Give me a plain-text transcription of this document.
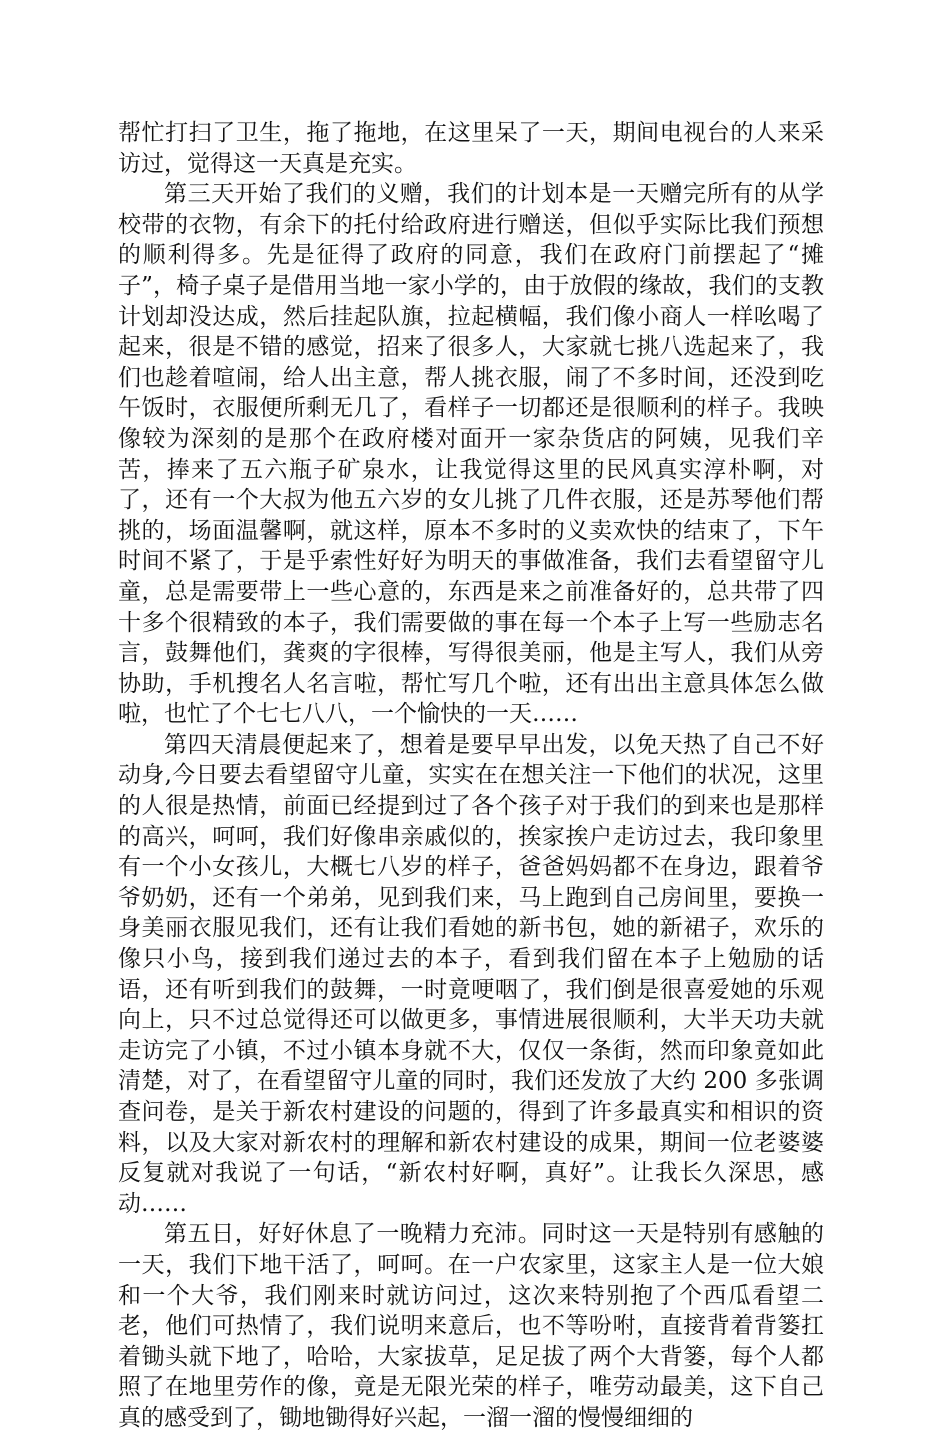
帮忙打扫了卫生，拖了拖地，在这里呆了一天，期间电视台的人来采访过，觉得这一天真是充实。

第三天开始了我们的义赠，我们的计划本是一天赠完所有的从学校带的衣物，有余下的托付给政府进行赠送，但似乎实际比我们预想的顺利得多。先是征得了政府的同意，我们在政府门前摆起了“摊子”，椅子桌子是借用当地一家小学的，由于放假的缘故，我们的支教计划却没达成，然后挂起队旗，拉起横幅，我们像小商人一样吆喝了起来，很是不错的感觉，招来了很多人，大家就七挑八选起来了，我们也趁着喧闹，给人出主意，帮人挑衣服，闹了不多时间，还没到吃午饭时，衣服便所剩无几了，看样子一切都还是很顺利的样子。我映像较为深刻的是那个在政府楼对面开一家杂货店的阿姨，见我们辛苦，捧来了五六瓶子矿泉水，让我觉得这里的民风真实淳朴啊，对了，还有一个大叔为他五六岁的女儿挑了几件衣服，还是苏琴他们帮挑的，场面温馨啊，就这样，原本不多时的义卖欢快的结束了，下午时间不紧了，于是乎索性好好为明天的事做准备，我们去看望留守儿童，总是需要带上一些心意的，东西是来之前准备好的，总共带了四十多个很精致的本子，我们需要做的事在每一个本子上写一些励志名言，鼓舞他们，龚爽的字很棒，写得很美丽，他是主写人，我们从旁协助，手机搜名人名言啦，帮忙写几个啦，还有出出主意具体怎么做啦，也忙了个七七八八，一个愉快的一天……

第四天清晨便起来了，想着是要早早出发，以免天热了自己不好动身,今日要去看望留守儿童，实实在在想关注一下他们的状况，这里的人很是热情，前面已经提到过了各个孩子对于我们的到来也是那样的高兴，呵呵，我们好像串亲戚似的，挨家挨户走访过去，我印象里有一个小女孩儿，大概七八岁的样子，爸爸妈妈都不在身边，跟着爷爷奶奶，还有一个弟弟，见到我们来，马上跑到自己房间里，要换一身美丽衣服见我们，还有让我们看她的新书包，她的新裙子，欢乐的像只小鸟，接到我们递过去的本子，看到我们留在本子上勉励的话语，还有听到我们的鼓舞，一时竟哽咽了，我们倒是很喜爱她的乐观向上，只不过总觉得还可以做更多，事情进展很顺利，大半天功夫就走访完了小镇，不过小镇本身就不大，仅仅一条街，然而印象竟如此清楚，对了，在看望留守儿童的同时，我们还发放了大约 200 多张调查问卷，是关于新农村建设的问题的，得到了许多最真实和相识的资料，以及大家对新农村的理解和新农村建设的成果，期间一位老婆婆反复就对我说了一句话，“新农村好啊，真好”。让我长久深思，感动……

第五日，好好休息了一晚精力充沛。同时这一天是特别有感触的一天，我们下地干活了，呵呵。在一户农家里，这家主人是一位大娘和一个大爷，我们刚来时就访问过，这次来特别抱了个西瓜看望二老，他们可热情了，我们说明来意后，也不等吩咐，直接背着背篓扛着锄头就下地了，哈哈，大家拔草，足足拔了两个大背篓，每个人都照了在地里劳作的像，竟是无限光荣的样子，唯劳动最美，这下自己真的感受到了，锄地锄得好兴起，一溜一溜的慢慢细细的
